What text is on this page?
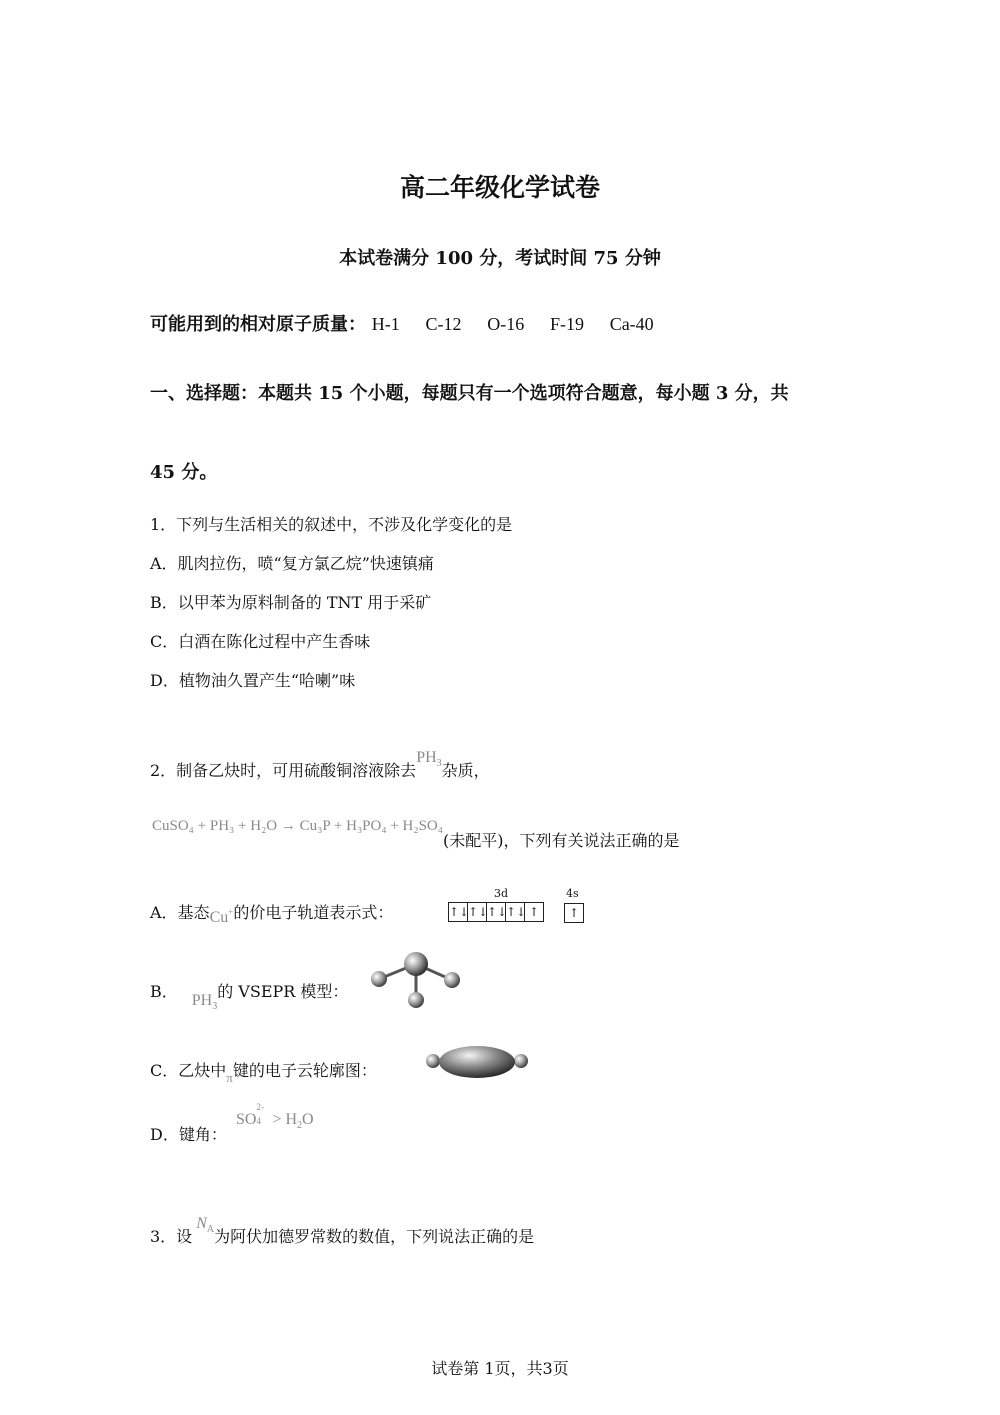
高二年级化学试卷
本试卷满分 100 分，考试时间 75 分钟
可能用到的相对原子质量： H-1 C-12 O-16 F-19 Ca-40
一、选择题：本题共 15 个小题，每题只有一个选项符合题意，每小题 3 分，共
45 分。
1．下列与生活相关的叙述中，不涉及化学变化的是
A．肌肉拉伤，喷“复方氯乙烷”快速镇痛
B．以甲苯为原料制备的 TNT 用于采矿
C．白酒在陈化过程中产生香味
D．植物油久置产生“哈喇”味
2．制备乙炔时，可用硫酸铜溶液除去$PH_3$杂质，
CuSO₄ + PH₃ + H₂O → Cu₃P + H₃PO₄ + H₂SO₄(未配平)，下列有关说法正确的是
A．基态Cu+的价电子轨道表示式：
3d	4s
↑↓
↑↓
↑↓
↑↓ ↑	↑
B． $PH_3$的 VSEPR 模型：
C．乙炔中$_\pi$键的电子云轮廓图：
D．键角：
SO
2-
$4 > H_2O$
3．设$N_A$为阿伏加德罗常数的数值，下列说法正确的是
试卷第 1页，共3页
